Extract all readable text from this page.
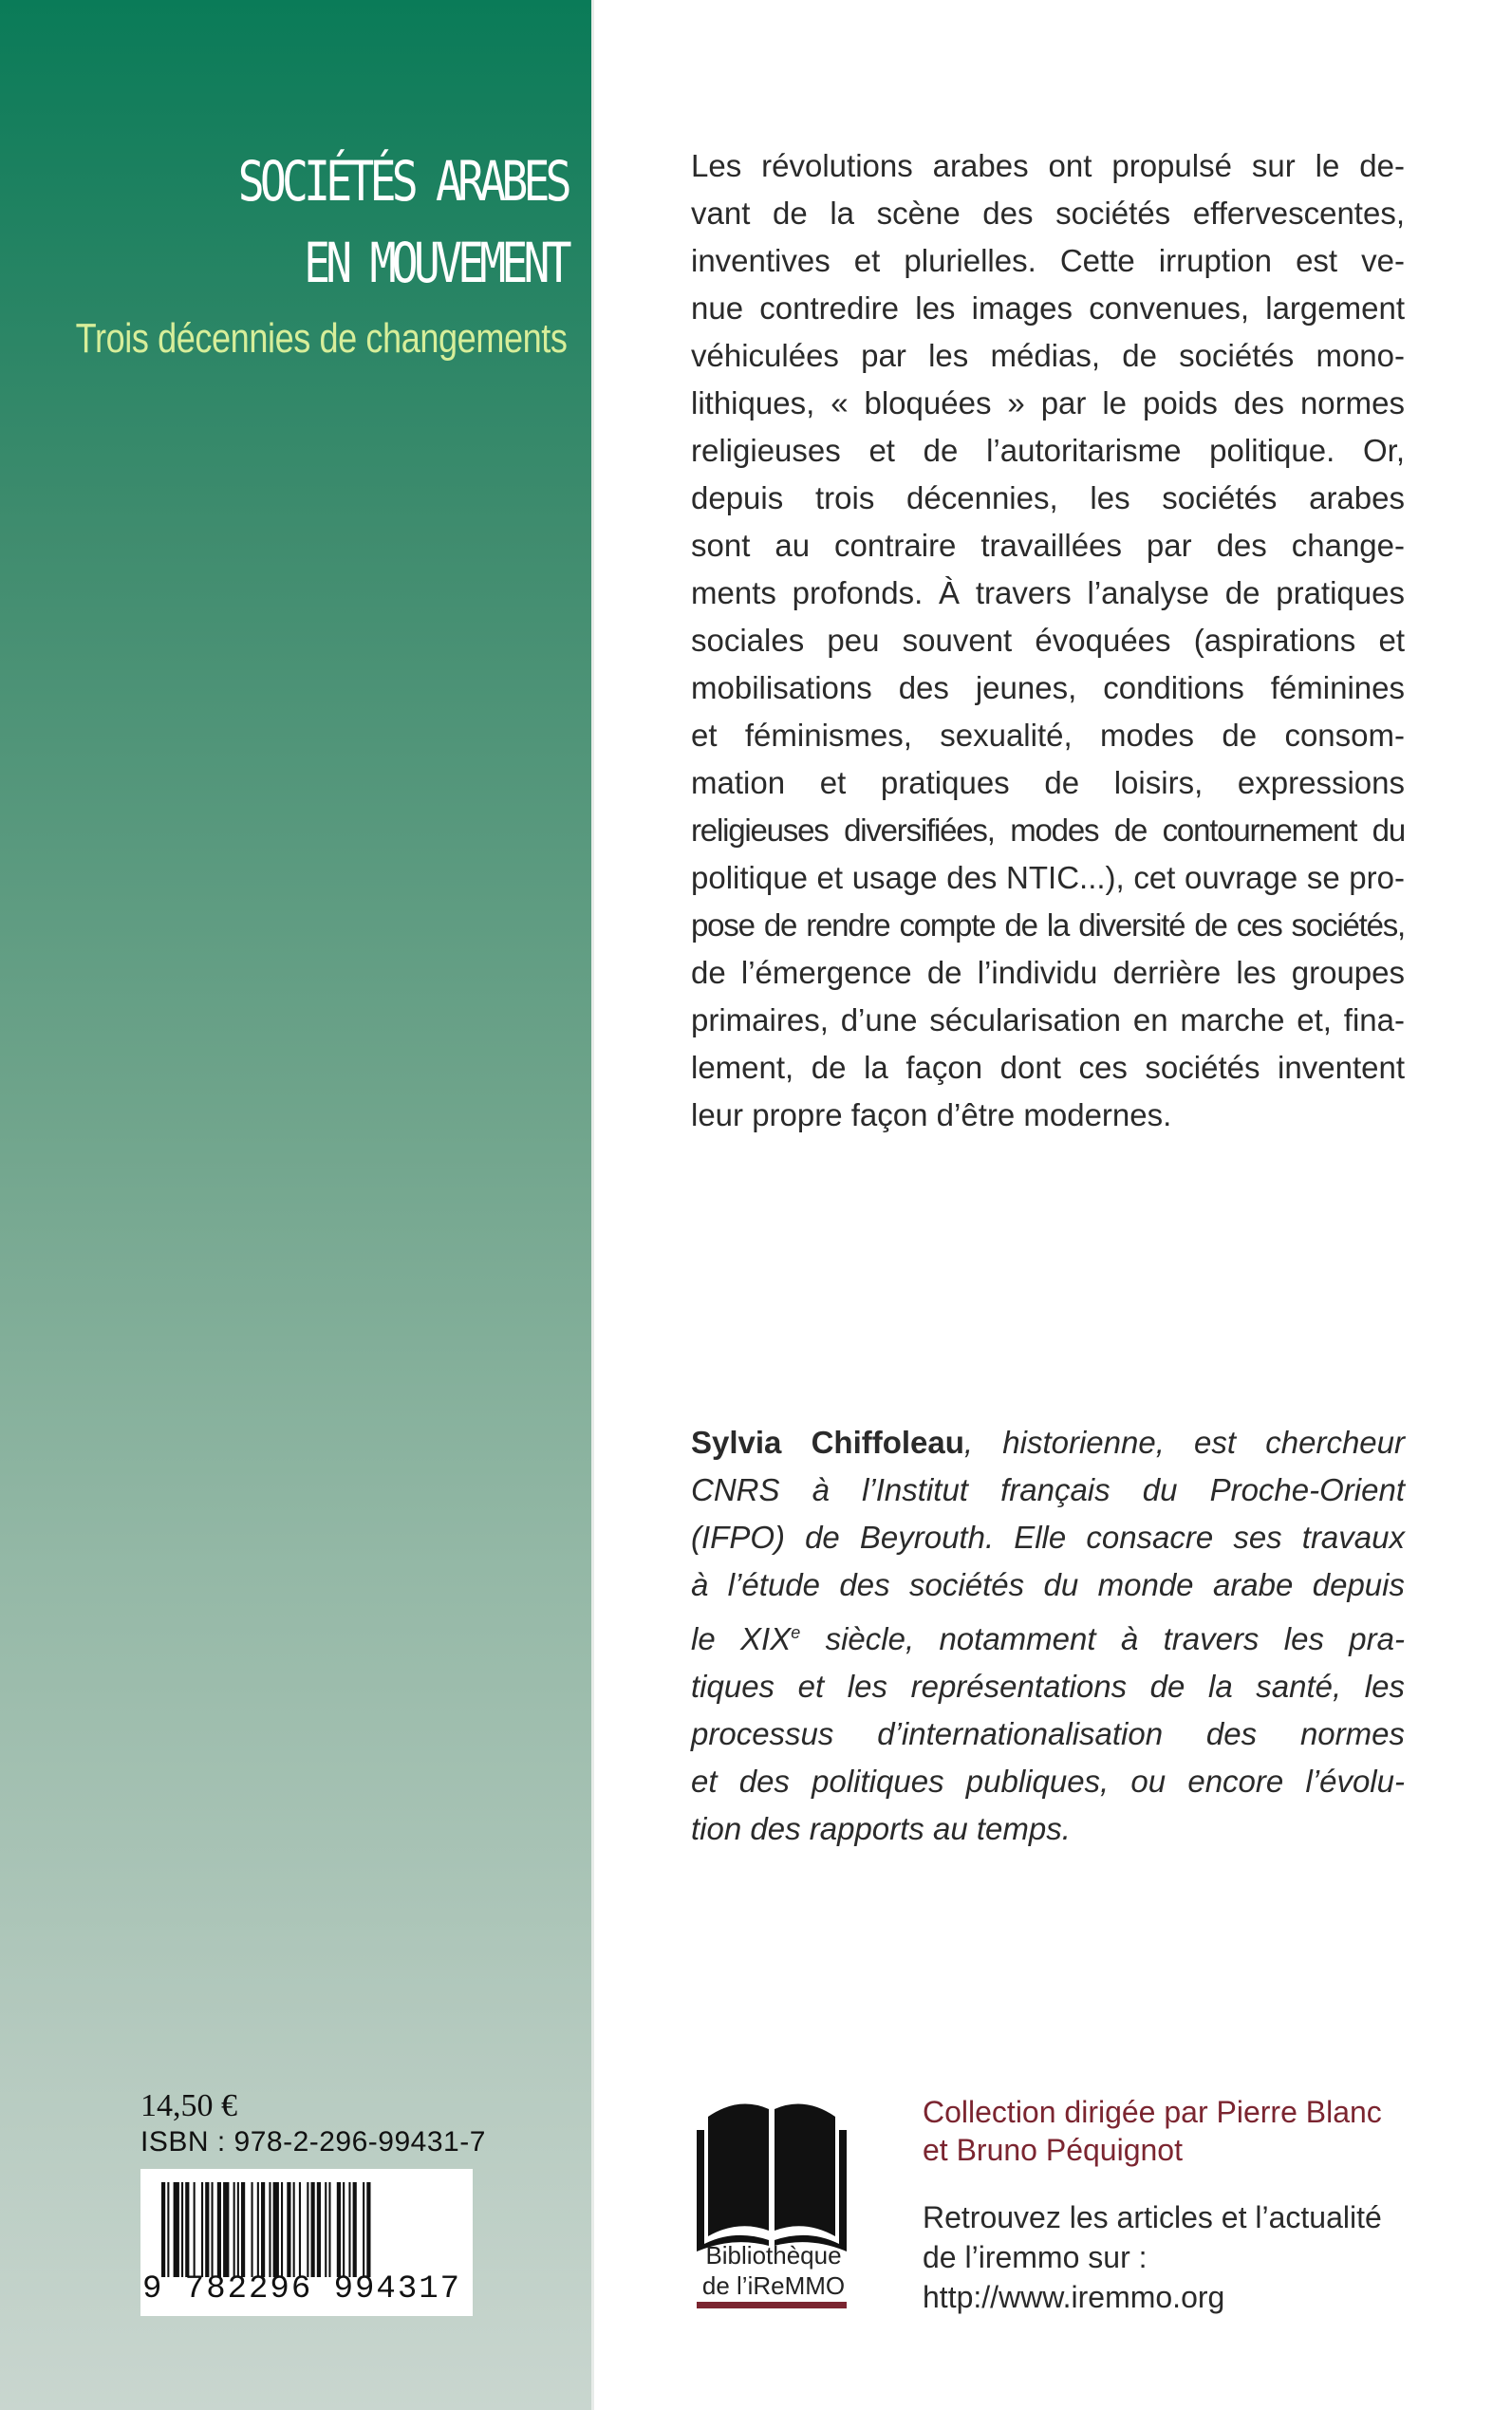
SOCIÉTÉS ARABES
EN MOUVEMENT
Trois décennies de changements
Les révolutions arabes ont propulsé sur le de-
vant de la scène des sociétés effervescentes,
inventives et plurielles. Cette irruption est ve-
nue contredire les images convenues, largement
véhiculées par les médias, de sociétés mono-
lithiques, « bloquées » par le poids des normes
religieuses et de l’autoritarisme politique. Or,
depuis trois décennies, les sociétés arabes
sont au contraire travaillées par des change-
ments profonds. À travers l’analyse de pratiques
sociales peu souvent évoquées (aspirations et
mobilisations des jeunes, conditions féminines
et féminismes, sexualité, modes de consom-
mation et pratiques de loisirs, expressions
religieuses diversifiées, modes de contournement du
politique et usage des NTIC...), cet ouvrage se pro-
pose de rendre compte de la diversité de ces sociétés,
de l’émergence de l’individu derrière les groupes
primaires, d’une sécularisation en marche et, fina-
lement, de la façon dont ces sociétés inventent
leur propre façon d’être modernes.
Sylvia Chiffoleau, historienne, est chercheur
CNRS à l’Institut français du Proche-Orient
(IFPO) de Beyrouth. Elle consacre ses travaux
à l’étude des sociétés du monde arabe depuis
le XIXe siècle, notamment à travers les pra-
tiques et les représentations de la santé, les
processus d’internationalisation des normes
et des politiques publiques, ou encore l’évolu-
tion des rapports au temps.
14,50 €
ISBN : 978-2-296-99431-7
9 782296 994317
Bibliothèque
de l’iReMMO
Collection dirigée par Pierre Blanc
et Bruno Péquignot
Retrouvez les articles et l’actualité
de l’iremmo sur :
http://www.iremmo.org
